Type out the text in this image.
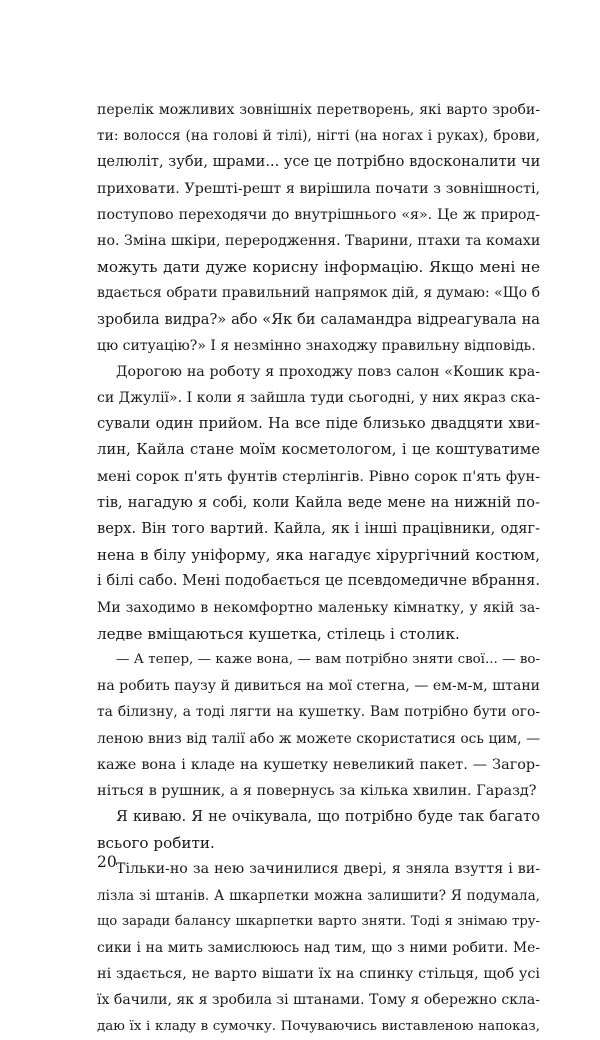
перелік можливих зовнішніх перетворень, які варто зроби-
ти: волосся (на голові й тілі), нігті (на ногах і руках), брови,
целюліт, зуби, шрами... усе це потрібно вдосконалити чи
приховати. Урешті-решт я вирішила почати з зовнішності,
поступово переходячи до внутрішнього «я». Це ж природ-
но. Зміна шкіри, переродження. Тварини, птахи та комахи
можуть дати дуже корисну інформацію. Якщо мені не
вдається обрати правильний напрямок дій, я думаю: «Що б
зробила видра?» або «Як би саламандра відреагувала на
цю ситуацію?» І я незмінно знаходжу правильну відповідь.
Дорогою на роботу я проходжу повз салон «Кошик кра-
си Джулії». І коли я зайшла туди сьогодні, у них якраз ска-
сували один прийом. На все піде близько двадцяти хви-
лин, Кайла стане моїм косметологом, і це коштуватиме
мені сорок п'ять фунтів стерлінгів. Рівно сорок п'ять фун-
тів, нагадую я собі, коли Кайла веде мене на нижній по-
верх. Він того вартий. Кайла, як і інші працівники, одяг-
нена в білу уніформу, яка нагадує хірургічний костюм,
і білі сабо. Мені подобається це псевдомедичне вбрання.
Ми заходимо в некомфортно маленьку кімнатку, у якій за-
ледве вміщаються кушетка, стілець і столик.
— А тепер, — каже вона, — вам потрібно зняти свої... — во-
на робить паузу й дивиться на мої стегна, — ем-м-м, штани
та білизну, а тоді лягти на кушетку. Вам потрібно бути ого-
леною вниз від талії або ж можете скористатися ось цим, —
каже вона і кладе на кушетку невеликий пакет. — Загор-
ніться в рушник, а я повернусь за кілька хвилин. Гаразд?
Я киваю. Я не очікувала, що потрібно буде так багато
всього робити.
Тільки-но за нею зачинилися двері, я зняла взуття і ви-
лізла зі штанів. А шкарпетки можна залишити? Я подумала,
що заради балансу шкарпетки варто зняти. Тоді я знімаю тру-
сики і на мить замислююсь над тим, що з ними робити. Ме-
ні здається, не варто вішати їх на спинку стільця, щоб усі
їх бачили, як я зробила зі штанами. Тому я обережно скла-
даю їх і кладу в сумочку. Почуваючись виставленою напоказ,
20
